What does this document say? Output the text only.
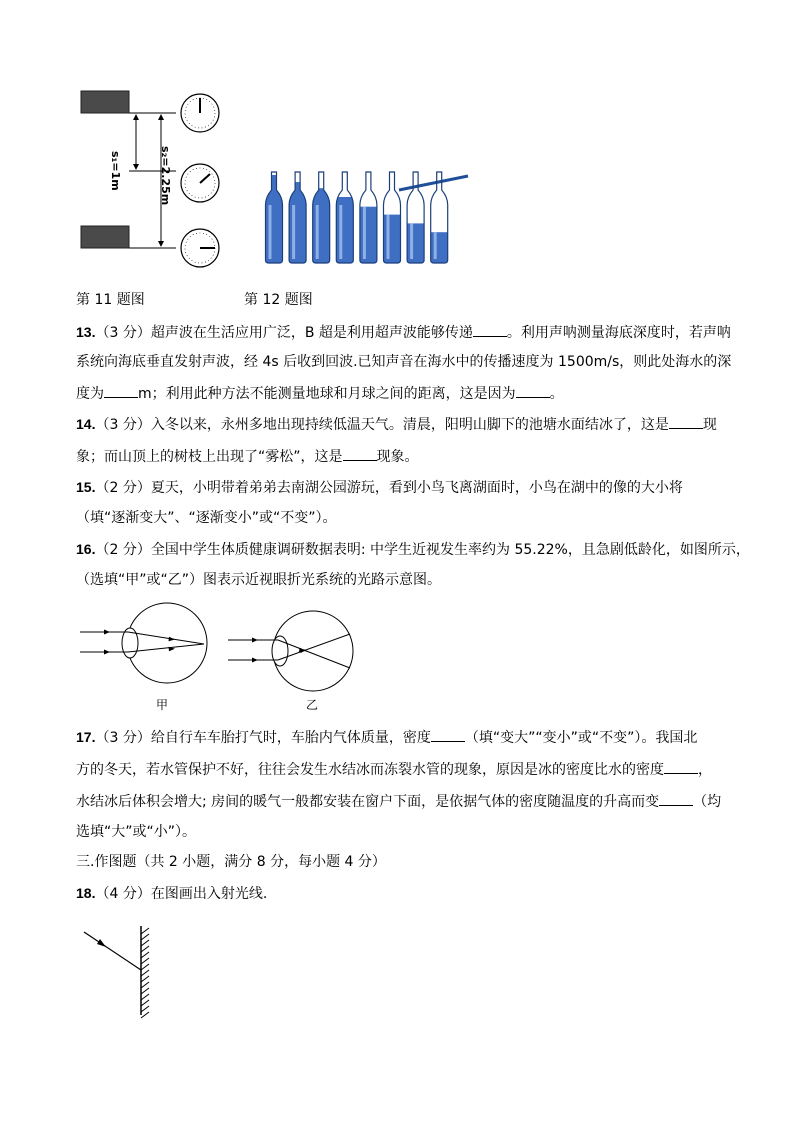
s₁=1m	s₂=2.25m
第 11 题图	第 12 题图
13.（3 分）超声波在生活应用广泛，B 超是利用超声波能够传递 。利用声呐测量海底深度时，若声呐
系统向海底垂直发射声波，经 4s 后收到回波.已知声音在海水中的传播速度为 1500m/s，则此处海水的深
度为 m；利用此种方法不能测量地球和月球之间的距离，这是因为 。
14.（3 分）入冬以来，永州多地出现持续低温天气。清晨，阳明山脚下的池塘水面结冰了，这是 现
象；而山顶上的树枝上出现了“雾松”，这是 现象。
15.（2 分）夏天，小明带着弟弟去南湖公园游玩，看到小鸟飞离湖面时，小鸟在湖中的像的大小将
（填“逐渐变大”、“逐渐变小”或“不变”）。
16.（2 分）全国中学生体质健康调研数据表明: 中学生近视发生率约为 55.22%，且急剧低龄化，如图所示，
（选填“甲”或“乙”）图表示近视眼折光系统的光路示意图。
甲	乙
17.（3 分）给自行车车胎打气时，车胎内气体质量，密度 （填“变大”“变小”或“不变”）。我国北
方的冬天，若水管保护不好，往往会发生水结冰而冻裂水管的现象，原因是冰的密度比水的密度 ，
水结冰后体积会增大; 房间的暖气一般都安装在窗户下面，是依据气体的密度随温度的升高而变 （均
选填“大”或“小”）。
三.作图题（共 2 小题，满分 8 分，每小题 4 分）
18.（4 分）在图画出入射光线.
